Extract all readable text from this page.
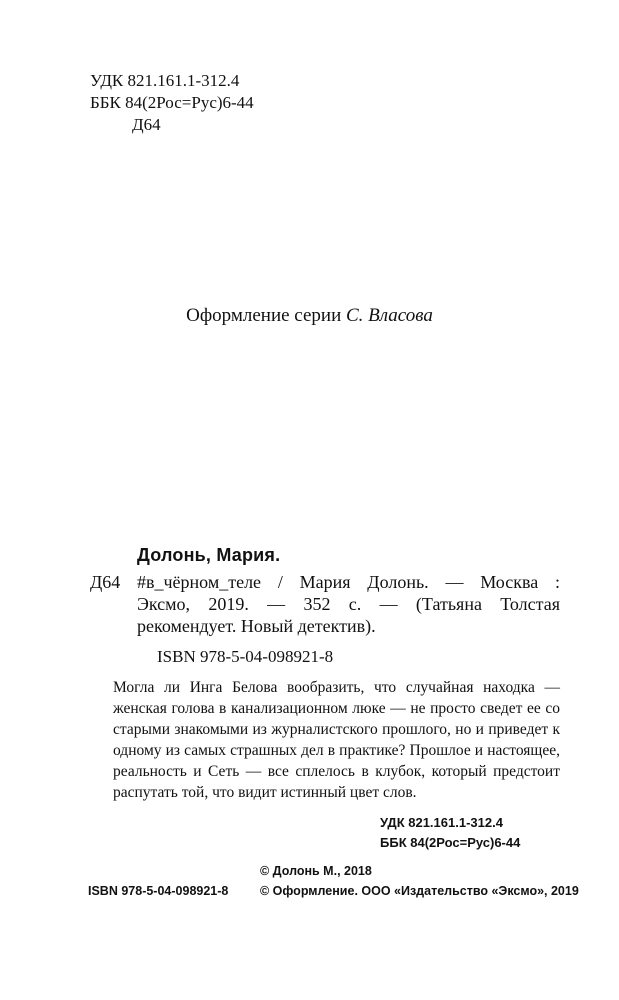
УДК 821.161.1-312.4
ББК 84(2Рос=Рус)6-44
Д64
Оформление серии С. Власова
Долонь, Мария.
Д64 #в_чёрном_теле / Мария Долонь. — Москва :
Эксмо, 2019. — 352 с. — (Татьяна Толстая рекомендует. Новый детектив).
ISBN 978-5-04-098921-8
Могла ли Инга Белова вообразить, что случайная находка — женская голова в канализационном люке — не просто сведет ее со старыми знакомыми из журналистского прошлого, но и приведет к одному из самых страшных дел в практике? Прошлое и настоящее, реальность и Сеть — все сплелось в клубок, который предстоит распутать той, что видит истинный цвет слов.
УДК 821.161.1-312.4
ББК 84(2Рос=Рус)6-44
© Долонь М., 2018
ISBN 978-5-04-098921-8	© Оформление. ООО «Издательство «Эксмо», 2019
